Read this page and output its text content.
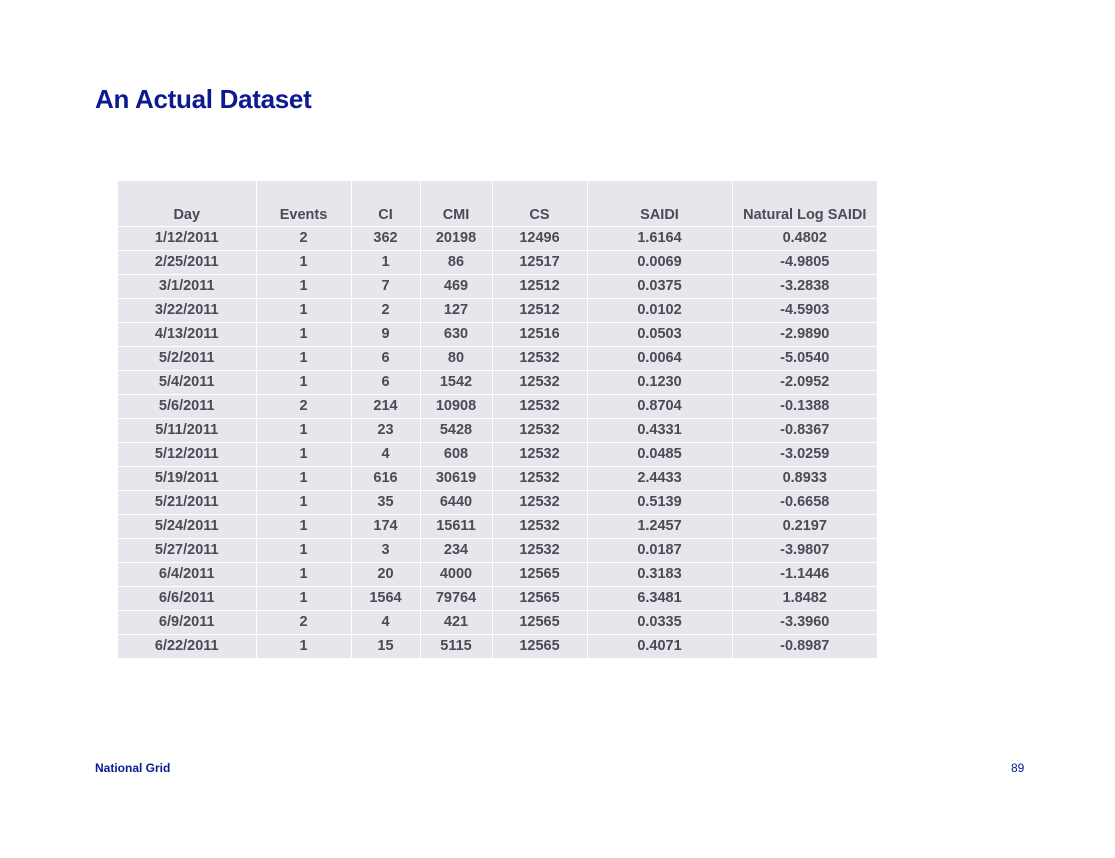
An Actual Dataset
Day	Events	CI	CMI	CS	SAIDI	Natural Log SAIDI
1/12/2011	2	362	20198	12496	1.6164	0.4802
2/25/2011	1	1	86	12517	0.0069	-4.9805
3/1/2011	1	7	469	12512	0.0375	-3.2838
3/22/2011	1	2	127	12512	0.0102	-4.5903
4/13/2011	1	9	630	12516	0.0503	-2.9890
5/2/2011	1	6	80	12532	0.0064	-5.0540
5/4/2011	1	6	1542	12532	0.1230	-2.0952
5/6/2011	2	214	10908	12532	0.8704	-0.1388
5/11/2011	1	23	5428	12532	0.4331	-0.8367
5/12/2011	1	4	608	12532	0.0485	-3.0259
5/19/2011	1	616	30619	12532	2.4433	0.8933
5/21/2011	1	35	6440	12532	0.5139	-0.6658
5/24/2011	1	174	15611	12532	1.2457	0.2197
5/27/2011	1	3	234	12532	0.0187	-3.9807
6/4/2011	1	20	4000	12565	0.3183	-1.1446
6/6/2011	1	1564	79764	12565	6.3481	1.8482
6/9/2011	2	4	421	12565	0.0335	-3.3960
6/22/2011	1	15	5115	12565	0.4071	-0.8987
National Grid	89
